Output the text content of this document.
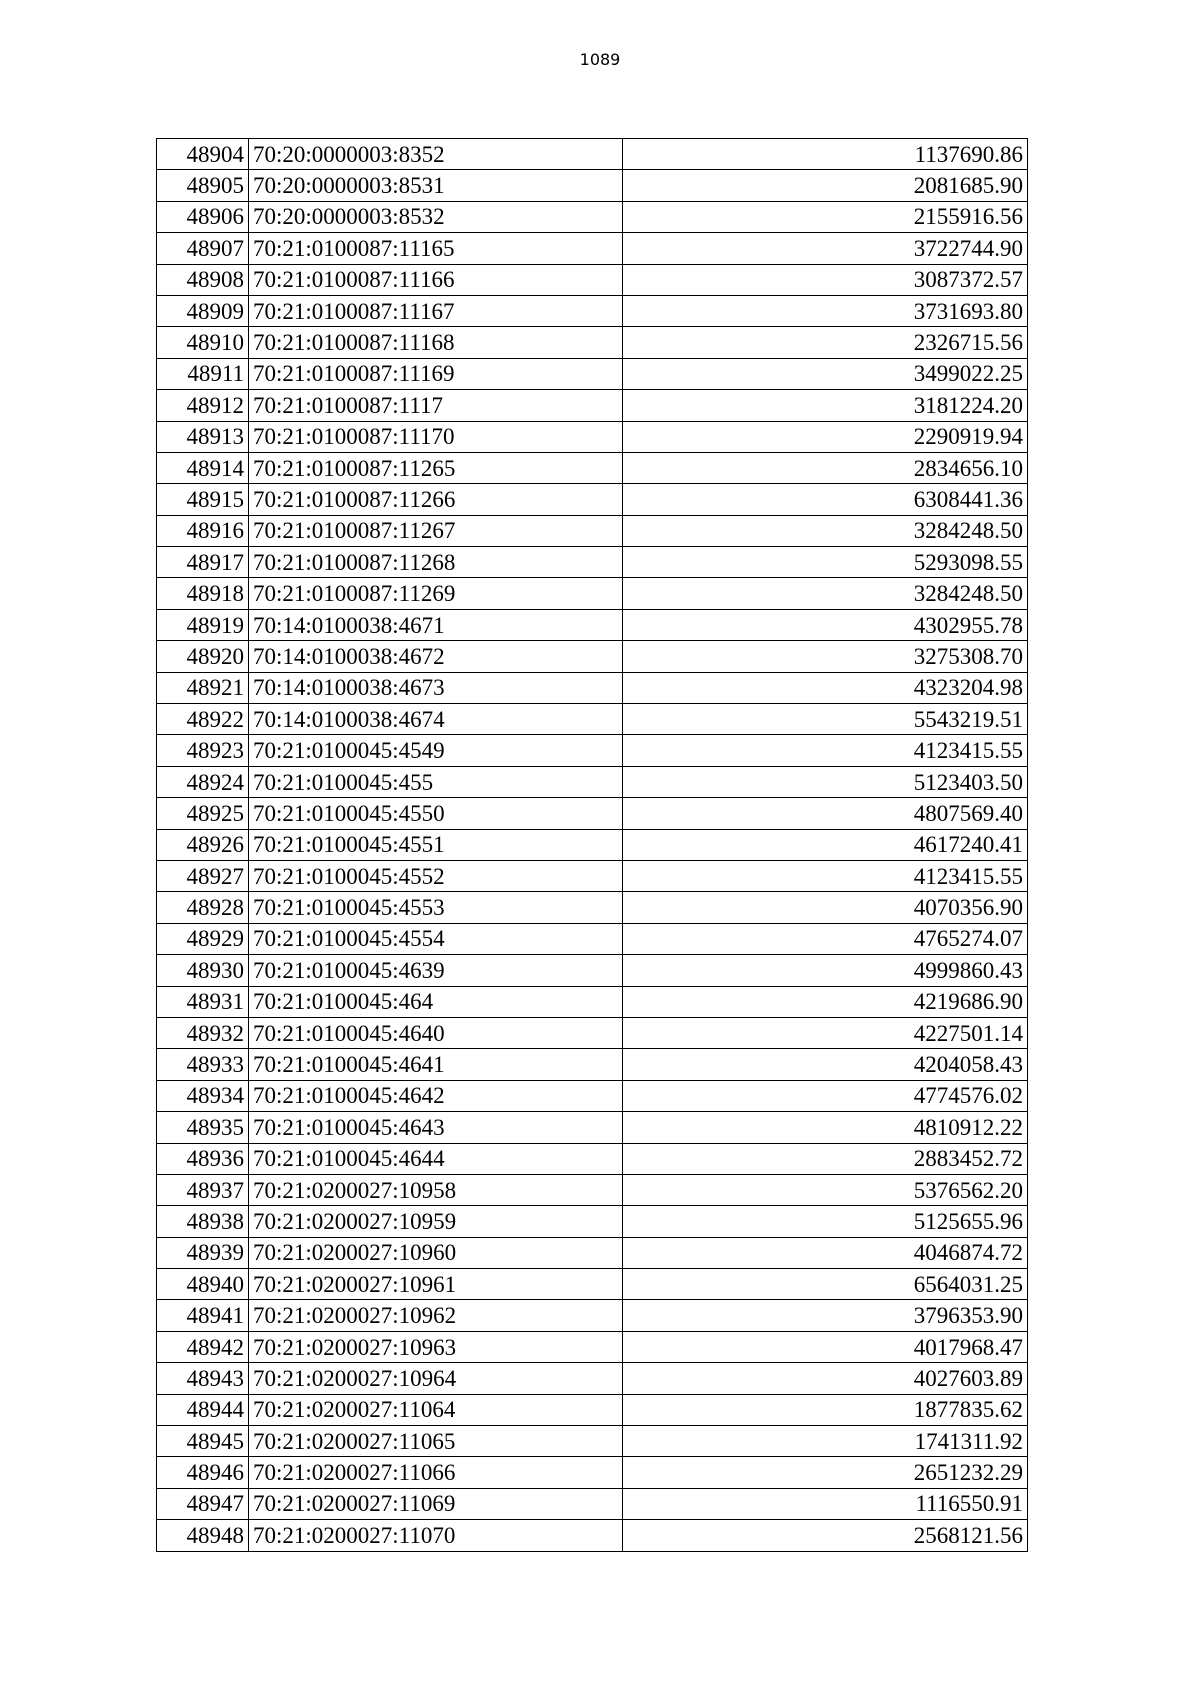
1089
48904	70:20:0000003:8352	1137690.86
48905	70:20:0000003:8531	2081685.90
48906	70:20:0000003:8532	2155916.56
48907	70:21:0100087:11165	3722744.90
48908	70:21:0100087:11166	3087372.57
48909	70:21:0100087:11167	3731693.80
48910	70:21:0100087:11168	2326715.56
48911	70:21:0100087:11169	3499022.25
48912	70:21:0100087:1117	3181224.20
48913	70:21:0100087:11170	2290919.94
48914	70:21:0100087:11265	2834656.10
48915	70:21:0100087:11266	6308441.36
48916	70:21:0100087:11267	3284248.50
48917	70:21:0100087:11268	5293098.55
48918	70:21:0100087:11269	3284248.50
48919	70:14:0100038:4671	4302955.78
48920	70:14:0100038:4672	3275308.70
48921	70:14:0100038:4673	4323204.98
48922	70:14:0100038:4674	5543219.51
48923	70:21:0100045:4549	4123415.55
48924	70:21:0100045:455	5123403.50
48925	70:21:0100045:4550	4807569.40
48926	70:21:0100045:4551	4617240.41
48927	70:21:0100045:4552	4123415.55
48928	70:21:0100045:4553	4070356.90
48929	70:21:0100045:4554	4765274.07
48930	70:21:0100045:4639	4999860.43
48931	70:21:0100045:464	4219686.90
48932	70:21:0100045:4640	4227501.14
48933	70:21:0100045:4641	4204058.43
48934	70:21:0100045:4642	4774576.02
48935	70:21:0100045:4643	4810912.22
48936	70:21:0100045:4644	2883452.72
48937	70:21:0200027:10958	5376562.20
48938	70:21:0200027:10959	5125655.96
48939	70:21:0200027:10960	4046874.72
48940	70:21:0200027:10961	6564031.25
48941	70:21:0200027:10962	3796353.90
48942	70:21:0200027:10963	4017968.47
48943	70:21:0200027:10964	4027603.89
48944	70:21:0200027:11064	1877835.62
48945	70:21:0200027:11065	1741311.92
48946	70:21:0200027:11066	2651232.29
48947	70:21:0200027:11069	1116550.91
48948	70:21:0200027:11070	2568121.56
